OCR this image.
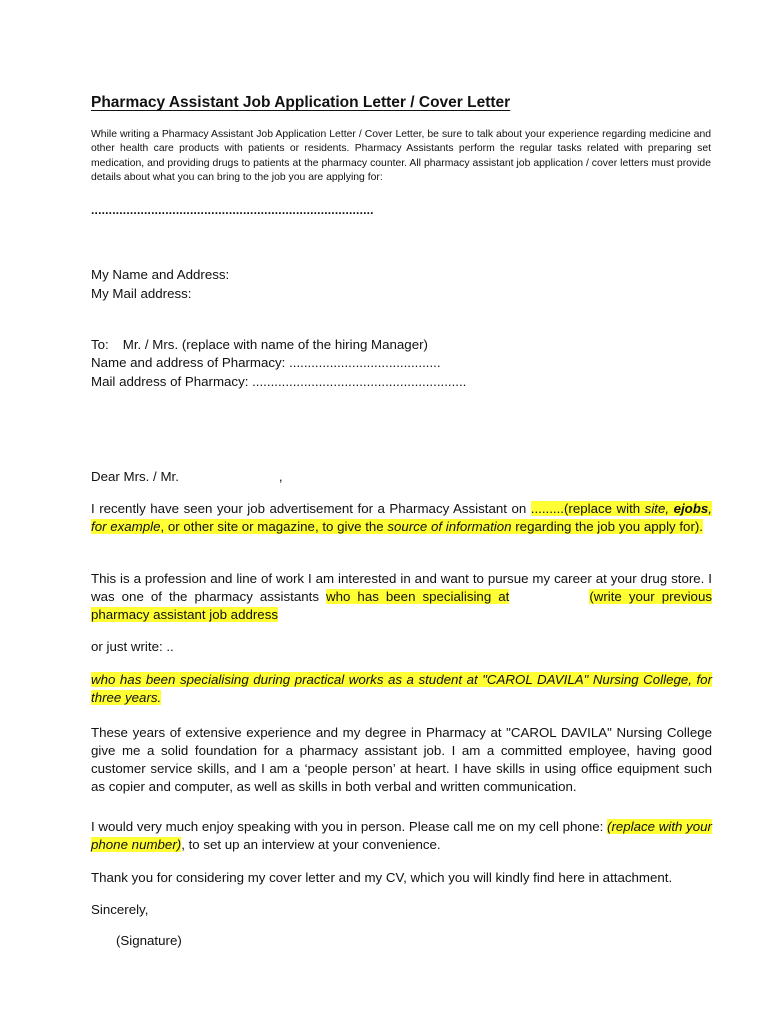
Pharmacy Assistant Job Application Letter / Cover Letter
While writing a Pharmacy Assistant Job Application Letter / Cover Letter, be sure to talk about your experience regarding medicine and other health care products with patients or residents. Pharmacy Assistants perform the regular tasks related with preparing set medication, and providing drugs to patients at the pharmacy counter. All pharmacy assistant job application / cover letters must provide details about what you can bring to the job you are applying for:
................................................................................
My Name and Address:
My Mail address:
To: Mr. / Mrs. (replace with name of the hiring Manager)
Name and address of Pharmacy: .........................................
Mail address of Pharmacy: ..........................................................
Dear Mrs. / Mr.	,
I recently have seen your job advertisement for a Pharmacy Assistant on .........(replace with site, ejobs, for example, or other site or magazine, to give the source of information regarding the job you apply for).
This is a profession and line of work I am interested in and want to pursue my career at your drug store. I was one of the pharmacy assistants who has been specialising at	(write your previous pharmacy assistant job address
or just write: ..
who has been specialising during practical works as a student at "CAROL DAVILA" Nursing College, for three years.
These years of extensive experience and my degree in Pharmacy at "CAROL DAVILA" Nursing College give me a solid foundation for a pharmacy assistant job. I am a committed employee, having good customer service skills, and I am a ‘people person’ at heart. I have skills in using office equipment such as copier and computer, as well as skills in both verbal and written communication.
I would very much enjoy speaking with you in person. Please call me on my cell phone: (replace with your phone number), to set up an interview at your convenience.
Thank you for considering my cover letter and my CV, which you will kindly find here in attachment.
Sincerely,
(Signature)
